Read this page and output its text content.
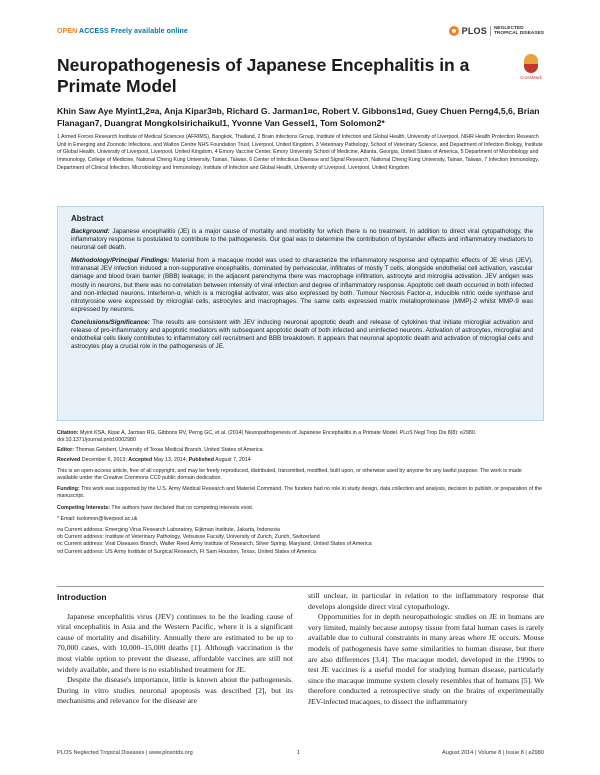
OPEN ACCESS Freely available online	PLOS	NEGLECTED
TROPICAL DISEASES
Neuropathogenesis of Japanese Encephalitis in a Primate Model	CrossMark
Khin Saw Aye Myint1,2¤a, Anja Kipar3¤b, Richard G. Jarman1¤c, Robert V. Gibbons1¤d, Guey Chuen Perng4,5,6, Brian Flanagan7, Duangrat Mongkolsirichaikul1, Yvonne Van Gessel1, Tom Solomon2*
1 Armed Forces Research Institute of Medical Sciences (AFRIMS), Bangkok, Thailand, 2 Brain Infections Group, Institute of Infection and Global Health, University of Liverpool, NIHR Health Protection Research Unit in Emerging and Zoonotic Infections, and Walton Centre NHS Foundation Trust, Liverpool, United Kingdom, 3 Veterinary Pathology, School of Veterinary Science, and Department of Infection Biology, Institute of Global Health, University of Liverpool, Liverpool, United Kingdom, 4 Emory Vaccine Center, Emory University School of Medicine, Atlanta, Georgia, United States of America, 5 Department of Microbiology and Immunology, College of Medicine, National Cheng Kung University, Tainan, Taiwan, 6 Center of Infectious Disease and Signal Research, National Cheng Kung University, Tainan, Taiwan, 7 Infection Immunology, Department of Clinical Infection, Microbiology and Immunology, Institute of Infection and Global Health, University of Liverpool, Liverpool, United Kingdom
Abstract

Background: Japanese encephalitis (JE) is a major cause of mortality and morbidity for which there is no treatment. In addition to direct viral cytopathology, the inflammatory response is postulated to contribute to the pathogenesis. Our goal was to determine the contribution of bystander effects and inflammatory mediators to neuronal cell death.

Methodology/Principal Findings: Material from a macaque model was used to characterize the inflammatory response and cytopathic effects of JE virus (JEV). Intranasal JEV infection induced a non-suppurative encephalitis, dominated by perivascular, infiltrates of mostly T cells, alongside endothelial cell activation, vascular damage and blood brain barrier (BBB) leakage; in the adjacent parenchyma there was macrophage infiltration, astrocyte and microglia activation. JEV antigen was mostly in neurons, but there was no correlation between intensity of viral infection and degree of inflammatory response. Apoptotic cell death occurred in both infected and non-infected neurons. Interferon-α, which is a microglial activator, was also expressed by both. Tumour Necrosis Factor-α, inducible nitric oxide synthase and nitrotyrosine were expressed by microglial cells, astrocytes and macrophages. The same cells expressed matrix metalloproteinase (MMP)-2 whilst MMP-9 was expressed by neurons.

Conclusions/Significance: The results are consistent with JEV inducing neuronal apoptotic death and release of cytokines that initiate microglial activation and release of pro-inflammatory and apoptotic mediators with subsequent apoptotic death of both infected and uninfected neurons. Activation of astrocytes, microglial and endothelial cells likely contributes to inflammatory cell recruitment and BBB breakdown. It appears that neuronal apoptotic death and activation of microglial cells and astrocytes play a crucial role in the pathogenesis of JE.

Citation: Myint KSA, Kipar A, Jarman RG, Gibbons RV, Perng GC, et al. (2014) Neuropathogenesis of Japanese Encephalitis in a Primate Model. PLoS Negl Trop Dis 8(8): e2980. doi:10.1371/journal.pntd.0002980

Editor: Thomas Geisbert, University of Texas Medical Branch, United States of America

Received December 6, 2013; Accepted May 13, 2014; Published August 7, 2014

This is an open-access article, free of all copyright, and may be freely reproduced, distributed, transmitted, modified, built upon, or otherwise used by anyone for any lawful purpose. The work is made available under the Creative Commons CC0 public domain dedication.

Funding: This work was supported by the U.S. Army Medical Research and Materiel Command. The funders had no role in study design, data collection and analysis, decision to publish, or preparation of the manuscript.

Competing Interests: The authors have declared that no competing interests exist.

* Email: tsolomon@liverpool.ac.uk

¤a Current address: Emerging Virus Research Laboratory, Eijkman Institute, Jakarta, Indonesia

¤b Current address: Institute of Veterinary Pathology, Vetsuisse Faculty, University of Zurich, Zurich, Switzerland

¤c Current address: Viral Diseases Branch, Walter Reed Army Institute of Research, Silver Spring, Maryland, United States of America

¤d Current address: US Army Institute of Surgical Research, Ft Sam Houston, Texas, United States of America

Introduction

Japanese encephalitis virus (JEV) continues to be the leading cause of viral encephalitis in Asia and the Western Pacific, where it is a significant cause of mortality and disability. Annually there are estimated to be up to 70,000 cases, with 10,000–15,000 deaths [1]. Although vaccination is the most viable option to prevent the disease, affordable vaccines are still not widely available, and there is no established treatment for JE.

Despite the disease's importance, little is known about the pathogenesis. During in vitro studies neuronal apoptosis was described [2], but its mechanisms and relevance for the disease are

still unclear, in particular in relation to the inflammatory response that develops alongside direct viral cytopathology.

Opportunities for in depth neuropathologic studies on JE in humans are very limited, mainly because autopsy tissue from fatal human cases is rarely available due to cultural constraints in many areas where JE occurs. Mouse models of pathogenesis have some similarities to human disease, but there are also differences [3,4]. The macaque model, developed in the 1990s to test JE vaccines is a useful model for studying human disease, particularly since the macaque immune system closely resembles that of humans [5]. We therefore conducted a retrospective study on the brains of experimentally JEV-infected macaques, to dissect the inflammatory

PLOS Neglected Tropical Diseases | www.plosntds.org	1	August 2014 | Volume 8 | Issue 8 | e2980
